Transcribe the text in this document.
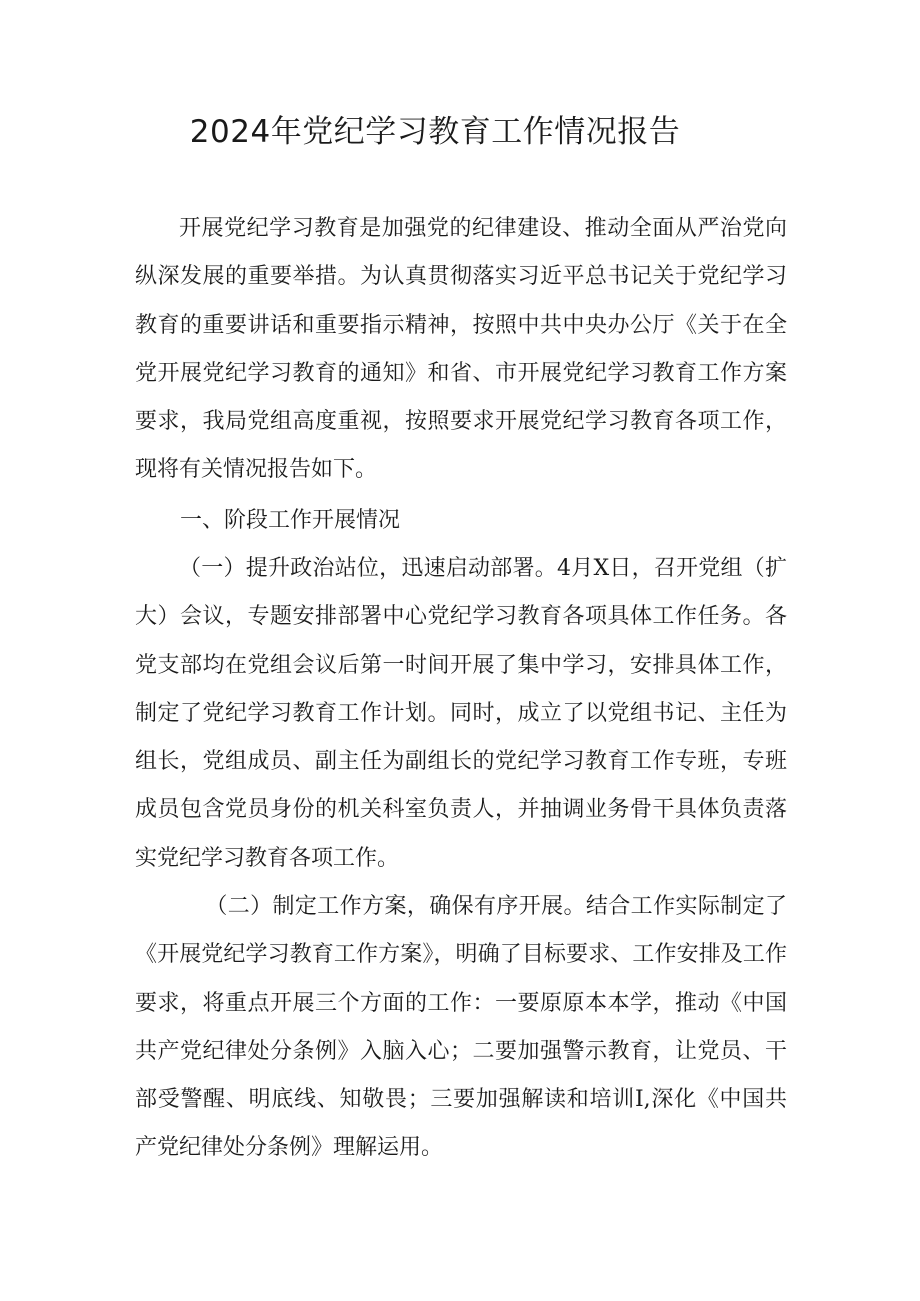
2024年党纪学习教育工作情况报告

开展党纪学习教育是加强党的纪律建设、推动全面从严治党向纵深发展的重要举措。为认真贯彻落实习近平总书记关于党纪学习教育的重要讲话和重要指示精神，按照中共中央办公厅《关于在全党开展党纪学习教育的通知》和省、市开展党纪学习教育工作方案要求，我局党组高度重视，按照要求开展党纪学习教育各项工作，现将有关情况报告如下。

一、阶段工作开展情况

（一）提升政治站位，迅速启动部署。4月X日，召开党组（扩大）会议，专题安排部署中心党纪学习教育各项具体工作任务。各党支部均在党组会议后第一时间开展了集中学习，安排具体工作，制定了党纪学习教育工作计划。同时，成立了以党组书记、主任为组长，党组成员、副主任为副组长的党纪学习教育工作专班，专班成员包含党员身份的机关科室负责人，并抽调业务骨干具体负责落实党纪学习教育各项工作。

（二）制定工作方案，确保有序开展。结合工作实际制定了《开展党纪学习教育工作方案》，明确了目标要求、工作安排及工作要求，将重点开展三个方面的工作：一要原原本本学，推动《中国共产党纪律处分条例》入脑入心；二要加强警示教育，让党员、干部受警醒、明底线、知敬畏；三要加强解读和培训I,深化《中国共产党纪律处分条例》理解运用。
